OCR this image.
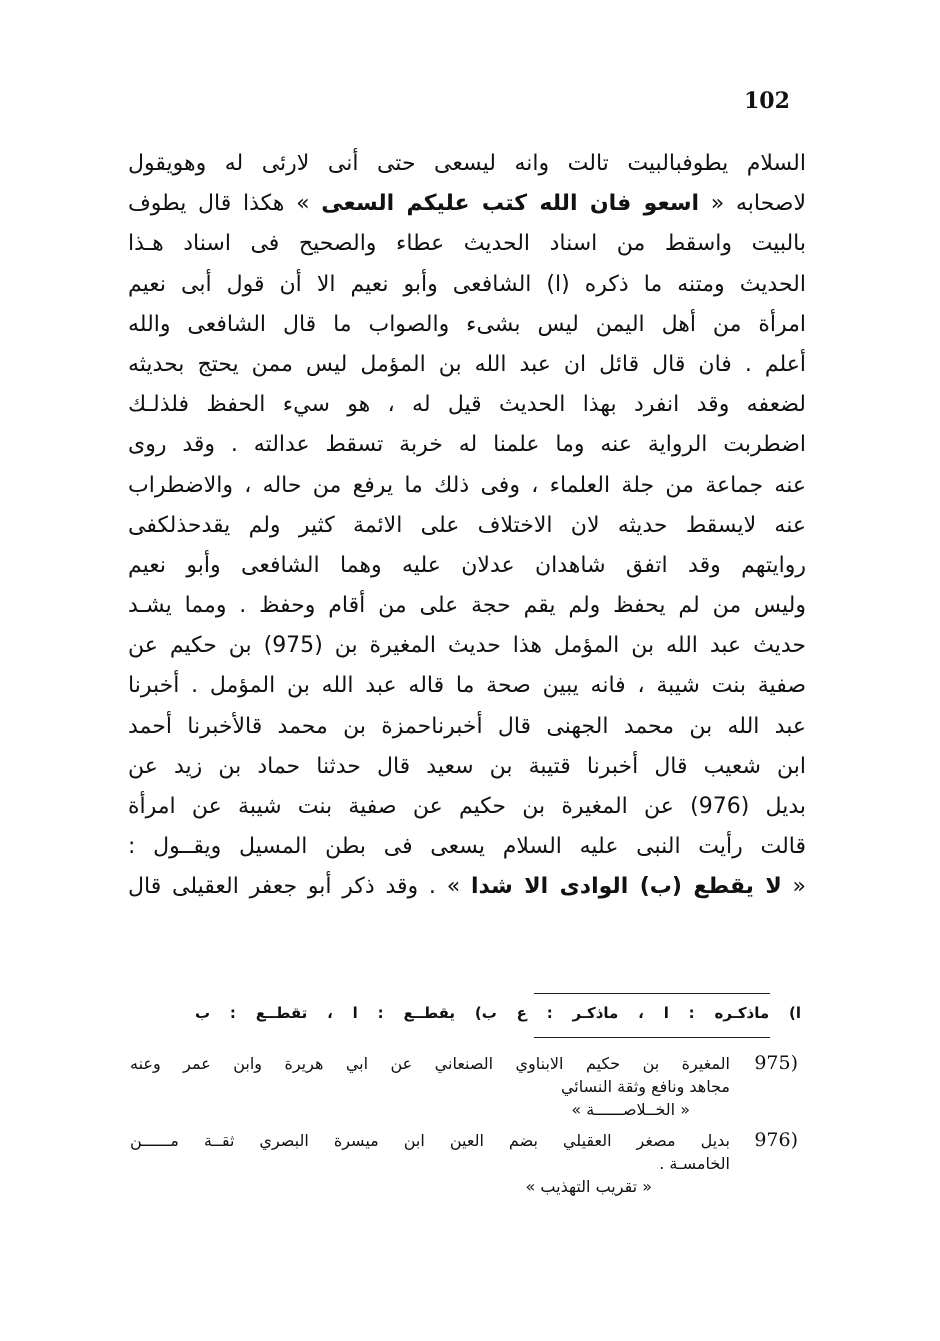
102
السلام يطوفبالبيت تالت وانه ليسعى حتى أنى لارئى له وهويقول
لاصحابه « اسعو فان الله كتب عليكم السعى » هكذا قال يطوف
بالبيت واسقط من اسناد الحديث عطاء والصحيح فى اسناد هـذا
الحديث ومتنه ما ذكره (ا) الشافعى وأبو نعيم الا أن قول أبى نعيم
امرأة من أهل اليمن ليس بشىء والصواب ما قال الشافعى والله
أعلم . فان قال قائل ان عبد الله بن المؤمل ليس ممن يحتج بحديثه
لضعفه وقد انفرد بهذا الحديث قيل له ، هو سيء الحفظ فلذلـك
اضطربت الرواية عنه وما علمنا له خربة تسقط عدالته . وقد روى
عنه جماعة من جلة العلماء ، وفى ذلك ما يرفع من حاله ، والاضطراب
عنه لايسقط حديثه لان الاختلاف على الائمة كثير ولم يقدحذلكفى
روايتهم وقد اتفق شاهدان عدلان عليه وهما الشافعى وأبو نعيم
وليس من لم يحفظ ولم يقم حجة على من أقام وحفظ . ومما يشـد
حديث عبد الله بن المؤمل هذا حديث المغيرة بن (975) بن حكيم عن
صفية بنت شيبة ، فانه يبين صحة ما قاله عبد الله بن المؤمل . أخبرنا
عبد الله بن محمد الجهنى قال أخبرناحمزة بن محمد قالأخبرنا أحمد
ابن شعيب قال أخبرنا قتيبة بن سعيد قال حدثنا حماد بن زيد عن
بديل (976) عن المغيرة بن حكيم عن صفية بنت شيبة عن امرأة
قالت رأيت النبى عليه السلام يسعى فى بطن المسيل ويقــول :
« لا يقطع (ب) الوادى الا شدا » . وقد ذكر أبو جعفر العقيلى قال
ا) ماذكـره : ا ، ماذكـر : ع ب) يقطــع : ا ، تقطــع : ب
975)
المغيرة بن حكيم الابناوي الصنعاني عن ابي هريرة وابن عمر وعنه
مجاهد ونافع وثقة النسائي
« الخــلاصــــــة »
976)
بديل مصغر العقيلي بضم العين ابن ميسرة البصري ثقــة مــــــن
الخامسـة .
« تقريب التهذيب »
